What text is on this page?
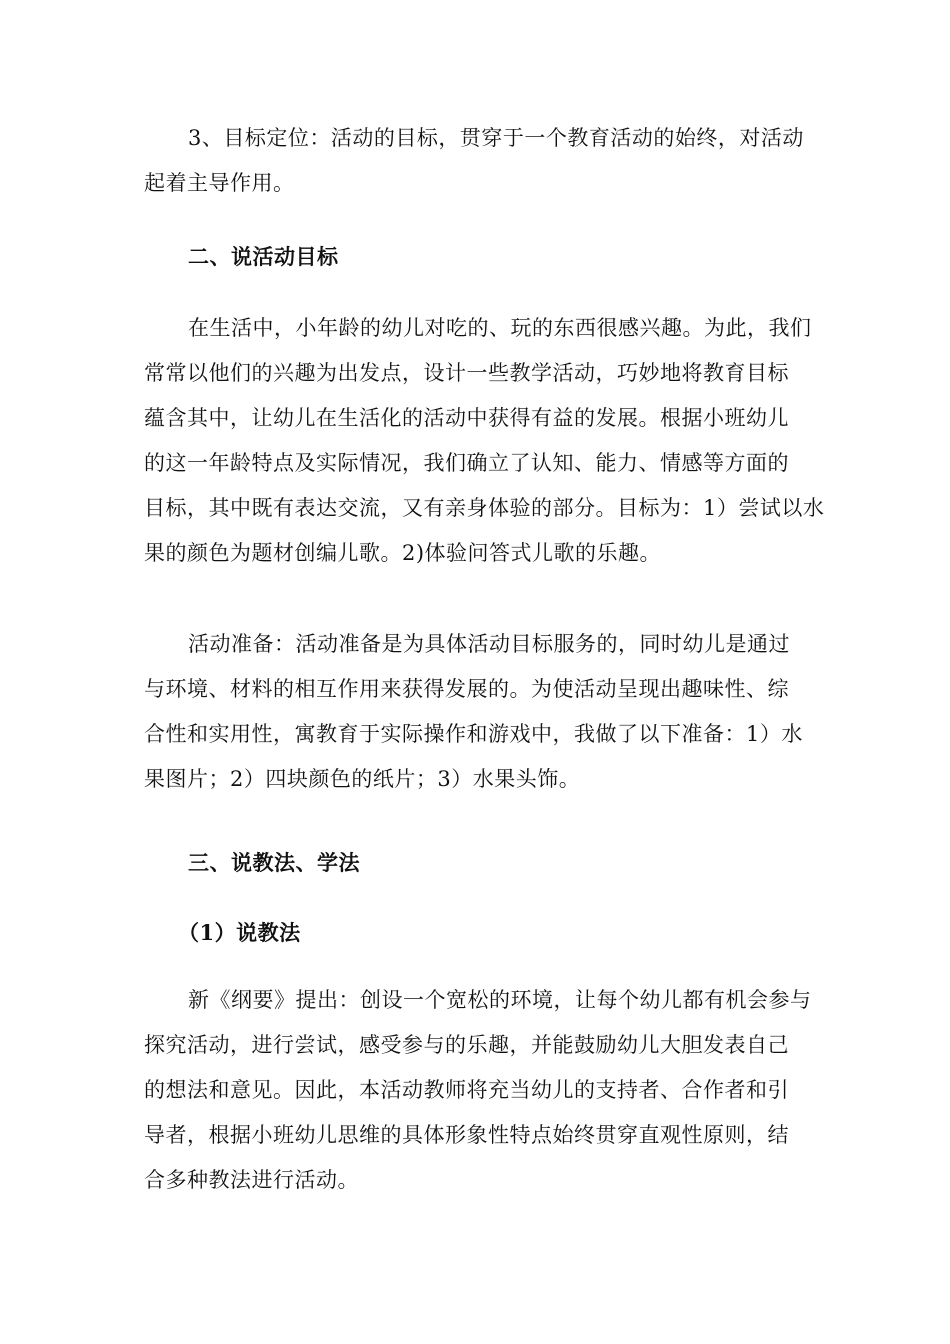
3、目标定位：活动的目标，贯穿于一个教育活动的始终，对活动
起着主导作用。

二、说活动目标

在生活中，小年龄的幼儿对吃的、玩的东西很感兴趣。为此，我们
常常以他们的兴趣为出发点，设计一些教学活动，巧妙地将教育目标
蕴含其中，让幼儿在生活化的活动中获得有益的发展。根据小班幼儿
的这一年龄特点及实际情况，我们确立了认知、能力、情感等方面的
目标，其中既有表达交流，又有亲身体验的部分。目标为：1）尝试以水
果的颜色为题材创编儿歌。2)体验问答式儿歌的乐趣。

活动准备：活动准备是为具体活动目标服务的，同时幼儿是通过
与环境、材料的相互作用来获得发展的。为使活动呈现出趣味性、综
合性和实用性，寓教育于实际操作和游戏中，我做了以下准备：1）水
果图片；2）四块颜色的纸片；3）水果头饰。

三、说教法、学法
（1）说教法

新《纲要》提出：创设一个宽松的环境，让每个幼儿都有机会参与
探究活动，进行尝试，感受参与的乐趣，并能鼓励幼儿大胆发表自己
的想法和意见。因此，本活动教师将充当幼儿的支持者、合作者和引
导者，根据小班幼儿思维的具体形象性特点始终贯穿直观性原则，结
合多种教法进行活动。
